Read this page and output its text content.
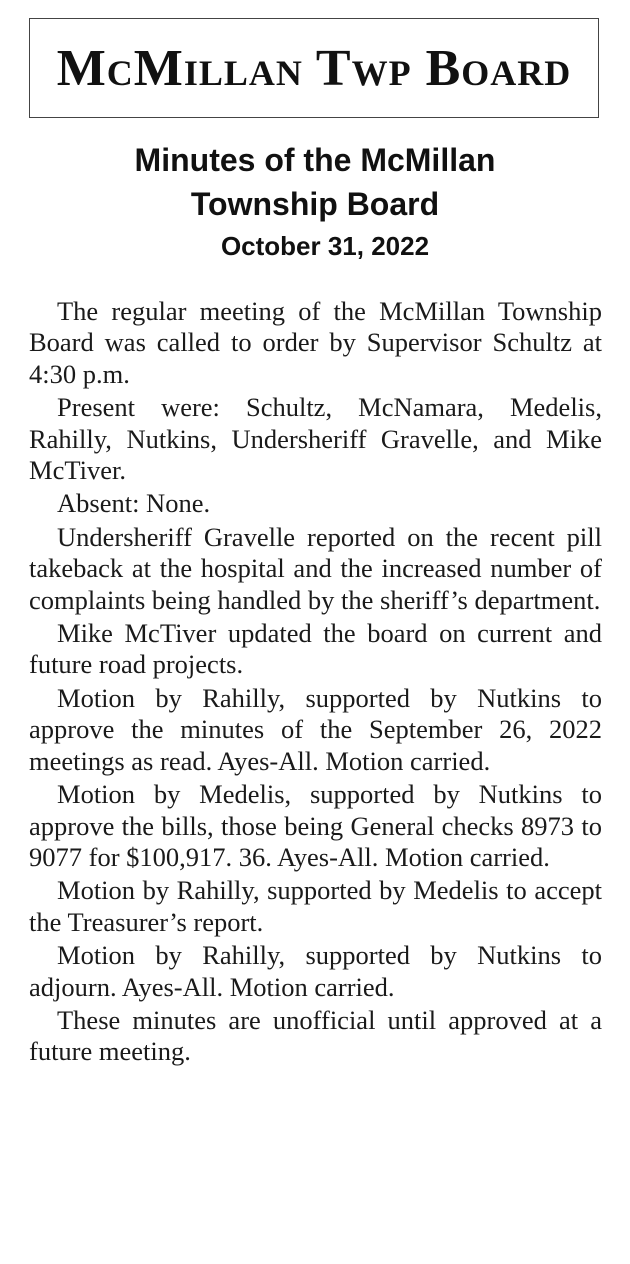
McMillan Twp Board
Minutes of the McMillan
Township Board
October 31, 2022

The regular meeting of the McMillan Township Board was called to order by Supervisor Schultz at 4:30 p.m.

Present were: Schultz, McNamara, Medelis, Rahilly, Nutkins, Undersheriff Gravelle, and Mike McTiver.

Absent: None.

Undersheriff Gravelle reported on the recent pill takeback at the hospital and the increased number of complaints being handled by the sheriff’s department.

Mike McTiver updated the board on current and future road projects.

Motion by Rahilly, supported by Nutkins to approve the minutes of the September 26, 2022 meetings as read. Ayes-All. Motion carried.

Motion by Medelis, supported by Nutkins to approve the bills, those being General checks 8973 to 9077 for $100,917. 36. Ayes-All. Motion carried.

Motion by Rahilly, supported by Medelis to accept the Treasurer’s report.

Motion by Rahilly, supported by Nutkins to adjourn. Ayes-All. Motion carried.

These minutes are unofficial until approved at a future meeting.
